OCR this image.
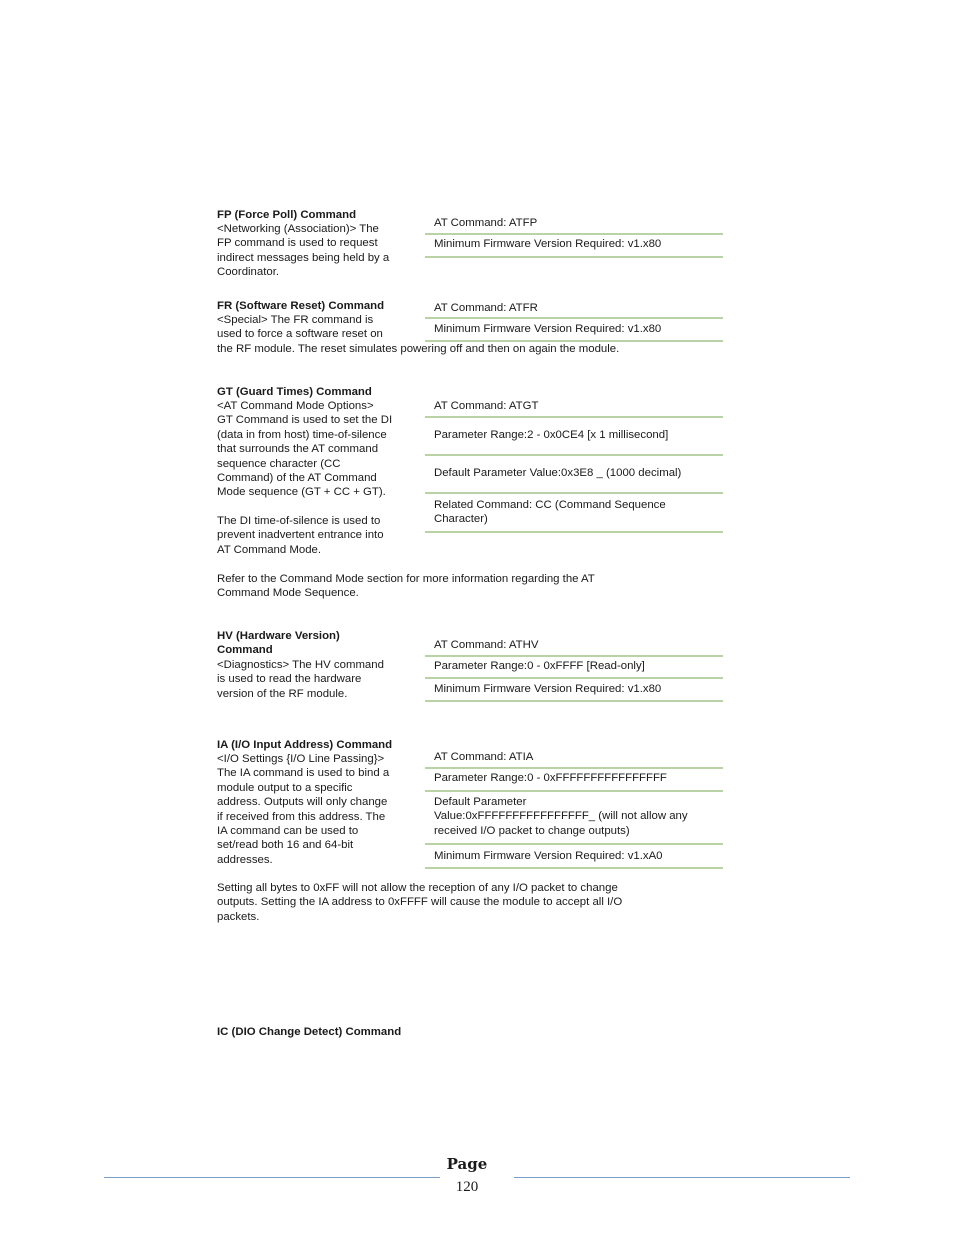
FP (Force Poll) Command
<Networking (Association)> The
FP command is used to request
indirect messages being held by a
Coordinator.
AT Command: ATFP
Minimum Firmware Version Required: v1.x80
FR (Software Reset) Command
<Special> The FR command is
used to force a software reset on
the RF module. The reset simulates powering off and then on again the module.
AT Command: ATFR
Minimum Firmware Version Required: v1.x80
GT (Guard Times) Command
<AT Command Mode Options>
GT Command is used to set the DI
(data in from host) time-of-silence
that surrounds the AT command
sequence character (CC
Command) of the AT Command
Mode sequence (GT + CC + GT).
The DI time-of-silence is used to
prevent inadvertent entrance into
AT Command Mode.
Refer to the Command Mode section for more information regarding the AT
Command Mode Sequence.
AT Command: ATGT
Parameter Range:2 - 0x0CE4 [x 1 millisecond]
Default Parameter Value:0x3E8 _ (1000 decimal)
Related Command: CC (Command Sequence
Character)
HV (Hardware Version)
Command
<Diagnostics> The HV command
is used to read the hardware
version of the RF module.
AT Command: ATHV
Parameter Range:0 - 0xFFFF [Read-only]
Minimum Firmware Version Required: v1.x80
IA (I/O Input Address) Command
<I/O Settings {I/O Line Passing}>
The IA command is used to bind a
module output to a specific
address. Outputs will only change
if received from this address. The
IA command can be used to
set/read both 16 and 64-bit
addresses.
Setting all bytes to 0xFF will not allow the reception of any I/O packet to change
outputs. Setting the IA address to 0xFFFF will cause the module to accept all I/O
packets.
AT Command: ATIA
Parameter Range:0 - 0xFFFFFFFFFFFFFFFF
Default Parameter
Value:0xFFFFFFFFFFFFFFFF_ (will not allow any
received I/O packet to change outputs)
Minimum Firmware Version Required: v1.xA0
IC (DIO Change Detect) Command
Page
120
